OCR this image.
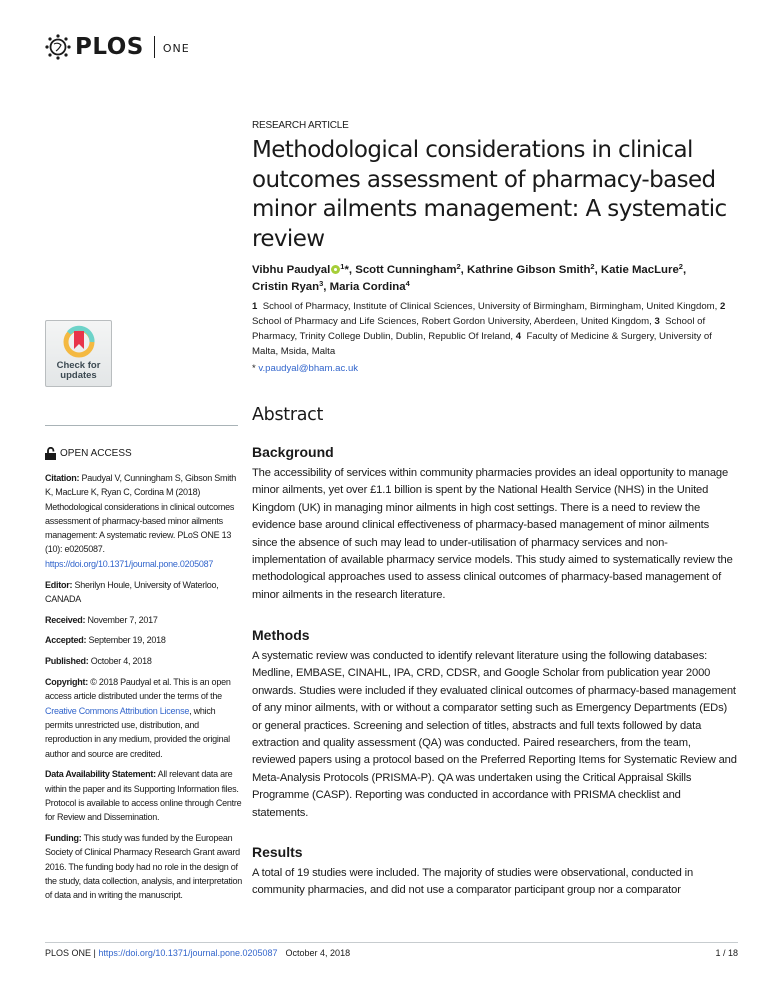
PLOS ONE
RESEARCH ARTICLE
Methodological considerations in clinical outcomes assessment of pharmacy-based minor ailments management: A systematic review
Vibhu Paudyal $^1$*, Scott Cunningham$^2$, Kathrine Gibson Smith$^2$, Katie MacLure$^2$, Cristin Ryan$^3$, Maria Cordina$^4$
1 School of Pharmacy, Institute of Clinical Sciences, University of Birmingham, Birmingham, United Kingdom, 2  School of Pharmacy and Life Sciences, Robert Gordon University, Aberdeen, United Kingdom, 3 School of Pharmacy, Trinity College Dublin, Dublin, Republic Of Ireland, 4 Faculty of Medicine & Surgery, University of Malta, Msida, Malta
* v.paudyal@bham.ac.uk
Check for
updates
OPEN ACCESS

Citation: Paudyal V, Cunningham S, Gibson Smith K, MacLure K, Ryan C, Cordina M (2018) Methodological considerations in clinical outcomes assessment of pharmacy-based minor ailments management: A systematic review. PLoS ONE 13 (10): e0205087. https://doi.org/10.1371/journal.pone.0205087

Editor: Sherilyn Houle, University of Waterloo, CANADA

Received: November 7, 2017

Accepted: September 19, 2018

Published: October 4, 2018

Copyright: © 2018 Paudyal et al. This is an open access article distributed under the terms of the Creative Commons Attribution License, which permits unrestricted use, distribution, and reproduction in any medium, provided the original author and source are credited.

Data Availability Statement: All relevant data are within the paper and its Supporting Information files. Protocol is available to access online through Centre for Review and Dissemination.

Funding: This study was funded by the European Society of Clinical Pharmacy Research Grant award 2016. The funding body had no role in the design of the study, data collection, analysis, and interpretation of data and in writing the manuscript.

Abstract
Background

The accessibility of services within community pharmacies provides an ideal opportunity to manage minor ailments, yet over £1.1 billion is spent by the National Health Service (NHS) in the United Kingdom (UK) in managing minor ailments in high cost settings. There is a need to review the evidence base around clinical effectiveness of pharmacy-based management of minor ailments since the absence of such may lead to under-utilisation of pharmacy services and non-implementation of available pharmacy service models. This study aimed to systematically review the methodological approaches used to assess clinical outcomes of pharmacy-based management of minor ailments in the research literature.

Methods

A systematic review was conducted to identify relevant literature using the following databases: Medline, EMBASE, CINAHL, IPA, CRD, CDSR, and Google Scholar from publication year 2000 onwards. Studies were included if they evaluated clinical outcomes of pharmacy-based management of any minor ailments, with or without a comparator setting such as Emergency Departments (EDs) or general practices. Screening and selection of titles, abstracts and full texts followed by data extraction and quality assessment (QA) was conducted. Paired researchers, from the team, reviewed papers using a protocol based on the Preferred Reporting Items for Systematic Review and Meta-Analysis Protocols (PRISMA-P). QA was undertaken using the Critical Appraisal Skills Programme (CASP). Reporting was conducted in accordance with PRISMA checklist and statements.

Results

A total of 19 studies were included. The majority of studies were observational, conducted in community pharmacies, and did not use a comparator participant group nor a comparator

PLOS ONE |
https://doi.org/10.1371/journal.pone.0205087 October 4, 2018	1 / 18
